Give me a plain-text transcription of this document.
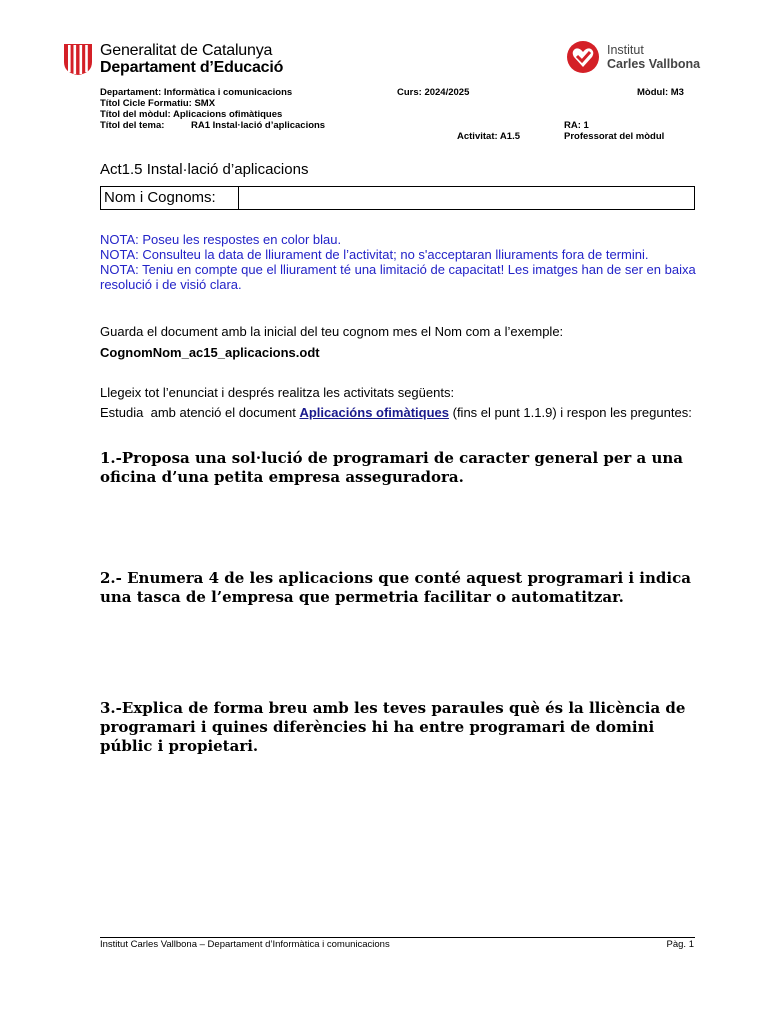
Generalitat de Catalunya
Departament d’Educació
Institut
Carles Vallbona
Departament: Informàtica i comunicacions	Curs: 2024/2025	Mòdul: M3
Títol Cicle Formatiu: SMX
Títol del mòdul: Aplicacions ofimàtiques
Títol del tema:	RA1 Instal·lació d’aplicacions	RA: 1
Activitat: A1.5	Professorat del mòdul
Act1.5 Instal·lació d’aplicacions
Nom i Cognoms:
NOTA: Poseu les respostes en color blau.
NOTA: Consulteu la data de lliurament de l’activitat; no s'acceptaran lliuraments fora de termini.
NOTA: Teniu en compte que el lliurament té una limitació de capacitat! Les imatges han de ser en baixa resolució i de visió clara.
Guarda el document amb la inicial del teu cognom mes el Nom com a l’exemple:
CognomNom_ac15_aplicacions.odt
Llegeix tot l’enunciat i després realitza les activitats següents:
Estudia  amb atenció el document Aplicacións ofimàtiques (fins el punt 1.1.9) i respon les preguntes:
1.-Proposa una sol·lució de programari de caracter general per a una oficina d’una petita empresa asseguradora.
2.- Enumera 4 de les aplicacions que conté aquest programari i indica una tasca de l’empresa que permetria facilitar o automatitzar.
3.-Explica de forma breu amb les teves paraules què és la llicència de programari i quines diferències hi ha entre programari de domini públic i propietari.
Institut Carles Vallbona – Departament d’Informàtica i comunicacions	Pàg. 1
